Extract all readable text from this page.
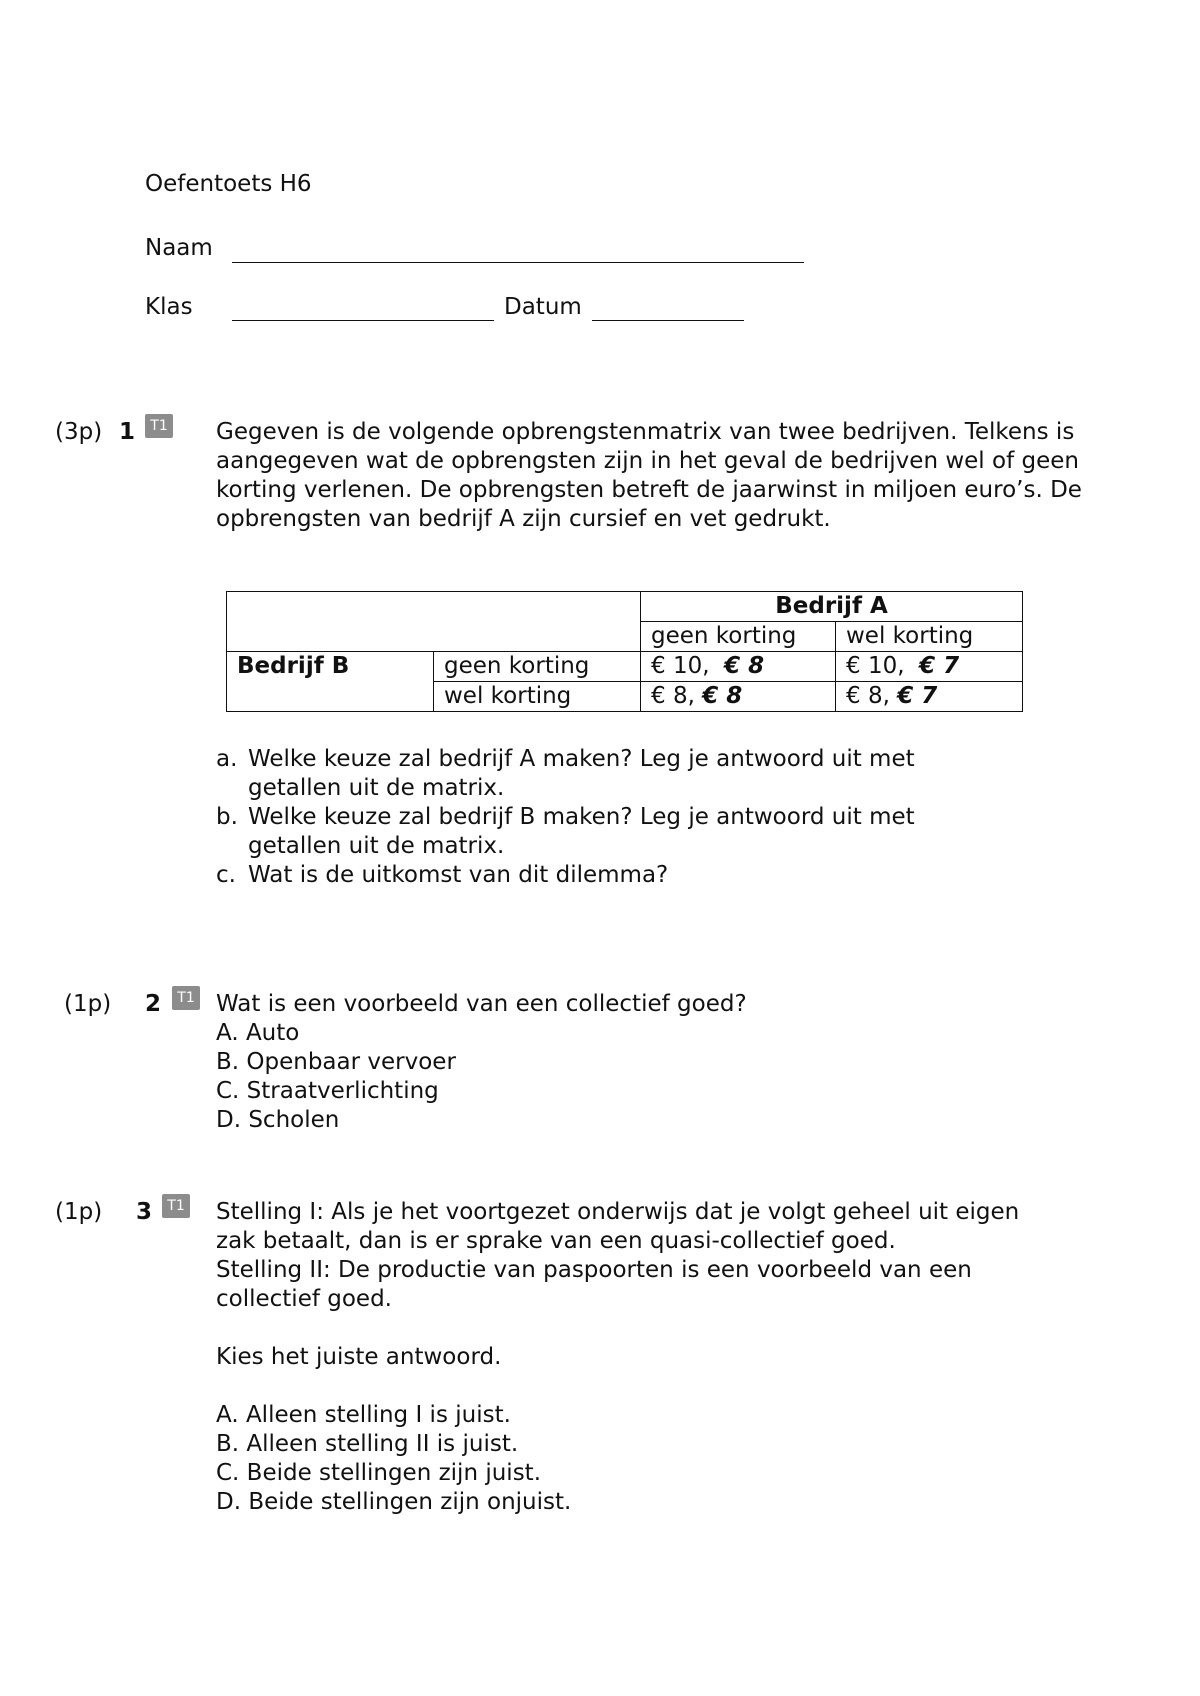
Oefentoets H6
Naam
Klas	Datum
(3p) 1	T1 Gegeven is de volgende opbrengstenmatrix van twee bedrijven. Telkens is aangegeven wat de opbrengsten zijn in het geval de bedrijven wel of geen korting verlenen. De opbrengsten betreft de jaarwinst in miljoen euro’s. De opbrengsten van bedrijf A zijn cursief en vet gedrukt.

		Bedrijf A	
		geen korting	wel korting
Bedrijf B	geen korting	€ 10, € 8	€ 10, € 7
	wel korting	€ 8, € 8	€ 8, € 7
a. Welke keuze zal bedrijf A maken? Leg je antwoord uit met getallen uit de matrix.
b. Welke keuze zal bedrijf B maken? Leg je antwoord uit met getallen uit de matrix.
c. Wat is de uitkomst van dit dilemma?
(1p) 2	T1 Wat is een voorbeeld van een collectief goed?
A. Auto
B. Openbaar vervoer
C. Straatverlichting
D. Scholen
(1p) 3	T1 Stelling I: Als je het voortgezet onderwijs dat je volgt geheel uit eigen zak betaalt, dan is er sprake van een quasi-collectief goed.
Stelling II: De productie van paspoorten is een voorbeeld van een collectief goed.
Kies het juiste antwoord.
A. Alleen stelling I is juist.
B. Alleen stelling II is juist.
C. Beide stellingen zijn juist.
D. Beide stellingen zijn onjuist.
